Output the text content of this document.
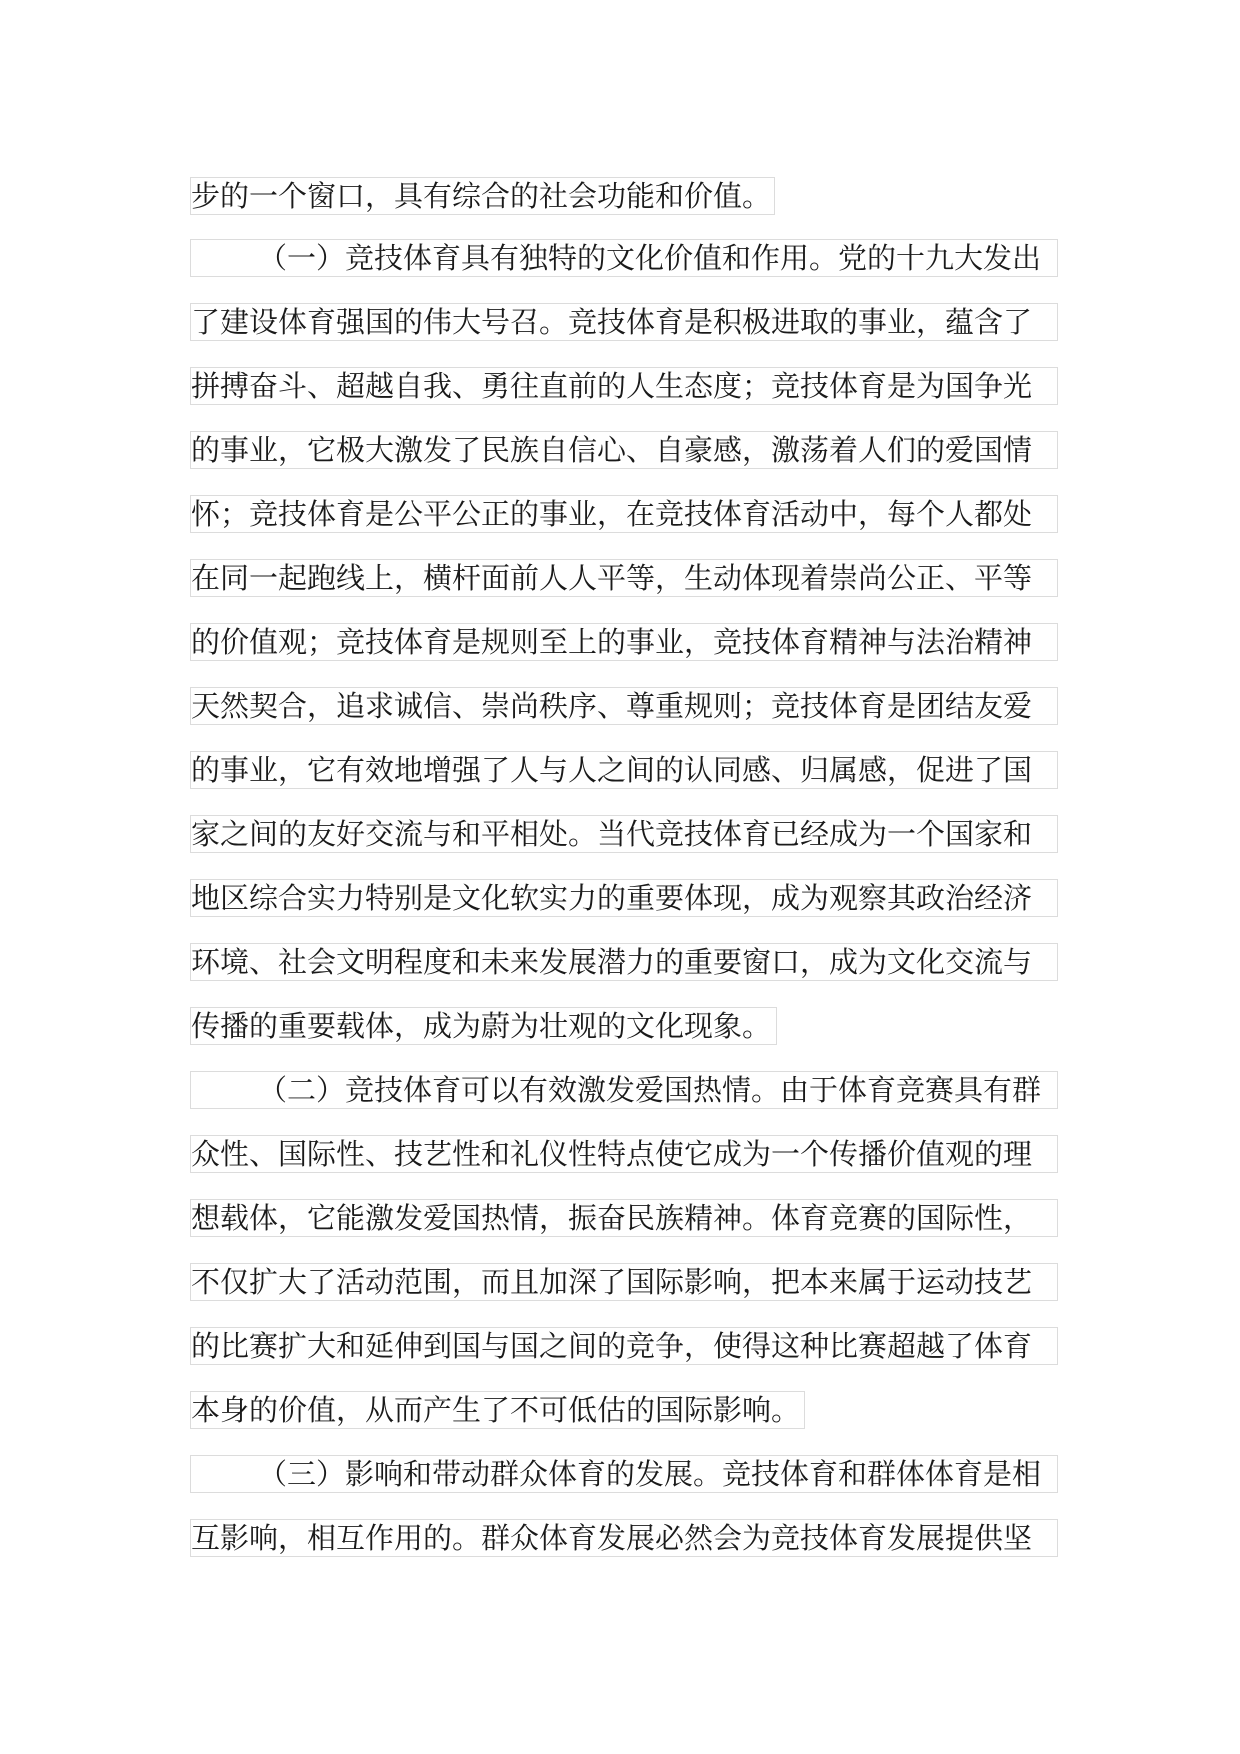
步的一个窗口，具有综合的社会功能和价值。
（一）竞技体育具有独特的文化价值和作用。党的十九大发出
了建设体育强国的伟大号召。竞技体育是积极进取的事业，蕴含了
拼搏奋斗、超越自我、勇往直前的人生态度；竞技体育是为国争光
的事业，它极大激发了民族自信心、自豪感，激荡着人们的爱国情
怀；竞技体育是公平公正的事业，在竞技体育活动中，每个人都处
在同一起跑线上，横杆面前人人平等，生动体现着崇尚公正、平等
的价值观；竞技体育是规则至上的事业，竞技体育精神与法治精神
天然契合，追求诚信、崇尚秩序、尊重规则；竞技体育是团结友爱
的事业，它有效地增强了人与人之间的认同感、归属感，促进了国
家之间的友好交流与和平相处。当代竞技体育已经成为一个国家和
地区综合实力特别是文化软实力的重要体现，成为观察其政治经济
环境、社会文明程度和未来发展潜力的重要窗口，成为文化交流与
传播的重要载体，成为蔚为壮观的文化现象。
（二）竞技体育可以有效激发爱国热情。由于体育竞赛具有群
众性、国际性、技艺性和礼仪性特点使它成为一个传播价值观的理
想载体，它能激发爱国热情，振奋民族精神。体育竞赛的国际性，
不仅扩大了活动范围，而且加深了国际影响，把本来属于运动技艺
的比赛扩大和延伸到国与国之间的竞争，使得这种比赛超越了体育
本身的价值，从而产生了不可低估的国际影响。
（三）影响和带动群众体育的发展。竞技体育和群体体育是相
互影响，相互作用的。群众体育发展必然会为竞技体育发展提供坚
